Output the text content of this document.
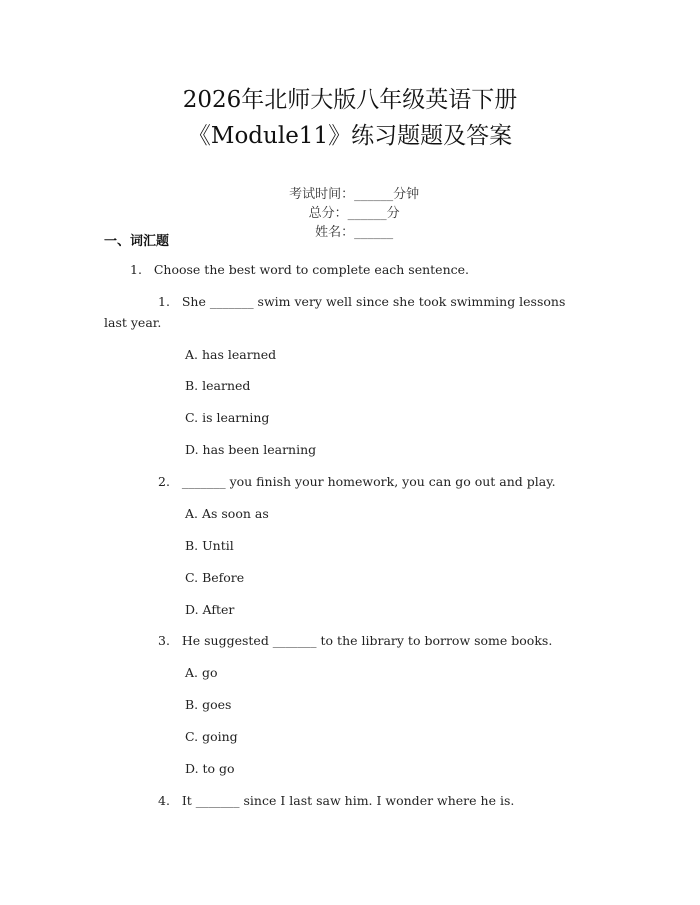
2026年北师大版八年级英语下册
《Module11》练习题题及答案

考试时间：______分钟
总分：______分
姓名：______

一、词汇题
1.   Choose the best word to complete each sentence.
1.   She _______ swim very well since she took swimming lessons
last year.
A. has learned
B. learned
C. is learning
D. has been learning
2.   _______ you finish your homework, you can go out and play.
A. As soon as
B. Until
C. Before
D. After
3.   He suggested _______ to the library to borrow some books.
A. go
B. goes
C. going
D. to go
4.   It _______ since I last saw him. I wonder where he is.
